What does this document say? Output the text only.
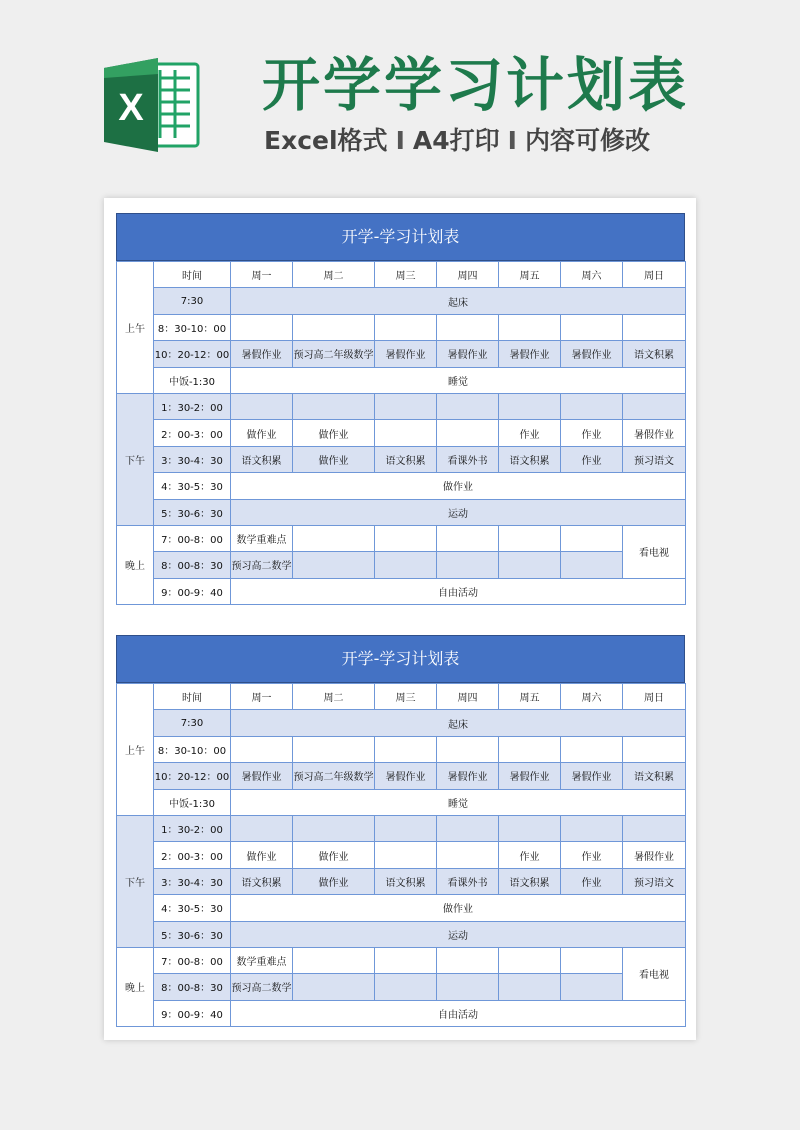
X 开学学习计划表
Excel格式 I A4打印 I 内容可修改
开学-学习计划表
上午	时间	周一	周二	周三	周四	周五	周六	周日
	7:30	起床						
	8：30-10：00							
	10：20-12：00	暑假作业	预习高二年级数学	暑假作业	暑假作业	暑假作业	暑假作业	语文积累
	中饭-1:30	睡觉						
下午	1：30-2：00							
	2：00-3：00	做作业	做作业			作业	作业	暑假作业
	3：30-4：30	语文积累	做作业	语文积累	看课外书	语文积累	作业	预习语文
	4：30-5：30	做作业						
	5：30-6：30	运动						
晚上	7：00-8：00	数学重难点						看电视
	8：00-8：30	预习高二数学						
	9：00-9：40	自由活动						
开学-学习计划表
上午	时间	周一	周二	周三	周四	周五	周六	周日
	7:30	起床						
	8：30-10：00							
	10：20-12：00	暑假作业	预习高二年级数学	暑假作业	暑假作业	暑假作业	暑假作业	语文积累
	中饭-1:30	睡觉						
下午	1：30-2：00							
	2：00-3：00	做作业	做作业			作业	作业	暑假作业
	3：30-4：30	语文积累	做作业	语文积累	看课外书	语文积累	作业	预习语文
	4：30-5：30	做作业						
	5：30-6：30	运动						
晚上	7：00-8：00	数学重难点						看电视
	8：00-8：30	预习高二数学						
	9：00-9：40	自由活动						
